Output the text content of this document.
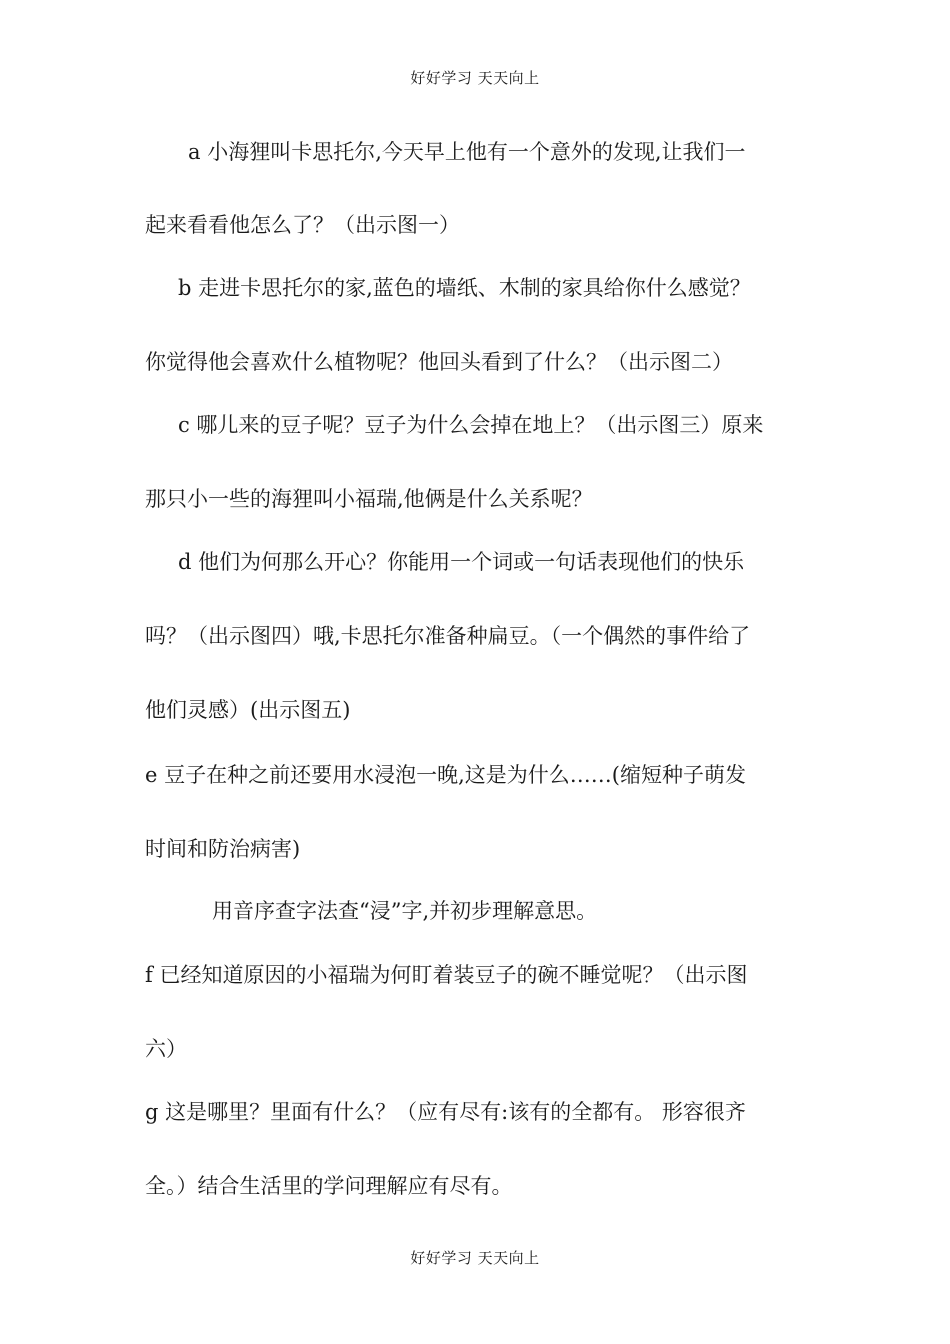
好好学习 天天向上
a 小海狸叫卡思托尔,今天早上他有一个意外的发现,让我们一
起来看看他怎么了？（出示图一）
b 走进卡思托尔的家,蓝色的墙纸、木制的家具给你什么感觉？
你觉得他会喜欢什么植物呢？他回头看到了什么？（出示图二）
c 哪儿来的豆子呢？豆子为什么会掉在地上？（出示图三）原来
那只小一些的海狸叫小福瑞,他俩是什么关系呢？
d 他们为何那么开心？你能用一个词或一句话表现他们的快乐
吗？（出示图四）哦,卡思托尔准备种扁豆。（一个偶然的事件给了
他们灵感）(出示图五)
e 豆子在种之前还要用水浸泡一晚,这是为什么……(缩短种子萌发
时间和防治病害)
用音序查字法查“浸”字,并初步理解意思。
f 已经知道原因的小福瑞为何盯着装豆子的碗不睡觉呢？（出示图
六）
g 这是哪里？里面有什么？（应有尽有:该有的全都有。 形容很齐
全。）结合生活里的学问理解应有尽有。
好好学习 天天向上
